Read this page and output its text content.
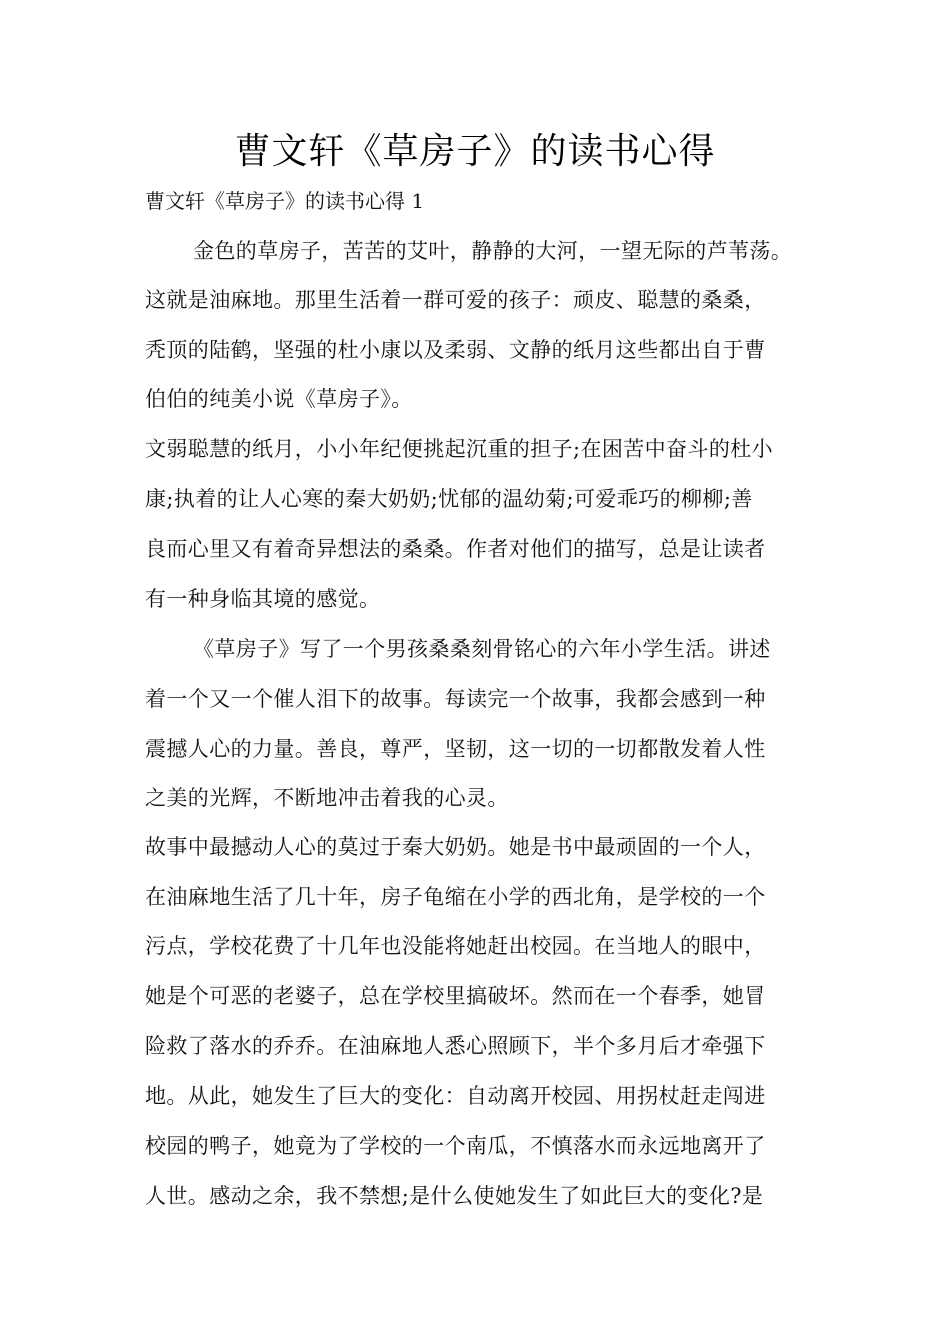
曹文轩《草房子》的读书心得

曹文轩《草房子》的读书心得 1

金色的草房子，苦苦的艾叶，静静的大河，一望无际的芦苇荡。

这就是油麻地。那里生活着一群可爱的孩子：顽皮、聪慧的桑桑，

秃顶的陆鹤，坚强的杜小康以及柔弱、文静的纸月这些都出自于曹

伯伯的纯美小说《草房子》。

文弱聪慧的纸月，小小年纪便挑起沉重的担子;在困苦中奋斗的杜小

康;执着的让人心寒的秦大奶奶;忧郁的温幼菊;可爱乖巧的柳柳;善

良而心里又有着奇异想法的桑桑。作者对他们的描写，总是让读者

有一种身临其境的感觉。

《草房子》写了一个男孩桑桑刻骨铭心的六年小学生活。讲述

着一个又一个催人泪下的故事。每读完一个故事，我都会感到一种

震撼人心的力量。善良，尊严，坚韧，这一切的一切都散发着人性

之美的光辉，不断地冲击着我的心灵。

故事中最撼动人心的莫过于秦大奶奶。她是书中最顽固的一个人，

在油麻地生活了几十年，房子龟缩在小学的西北角，是学校的一个

污点，学校花费了十几年也没能将她赶出校园。在当地人的眼中，

她是个可恶的老婆子，总在学校里搞破坏。然而在一个春季，她冒

险救了落水的乔乔。在油麻地人悉心照顾下，半个多月后才牵强下

地。从此，她发生了巨大的变化：自动离开校园、用拐杖赶走闯进

校园的鸭子，她竟为了学校的一个南瓜，不慎落水而永远地离开了

人世。感动之余，我不禁想;是什么使她发生了如此巨大的变化?是
